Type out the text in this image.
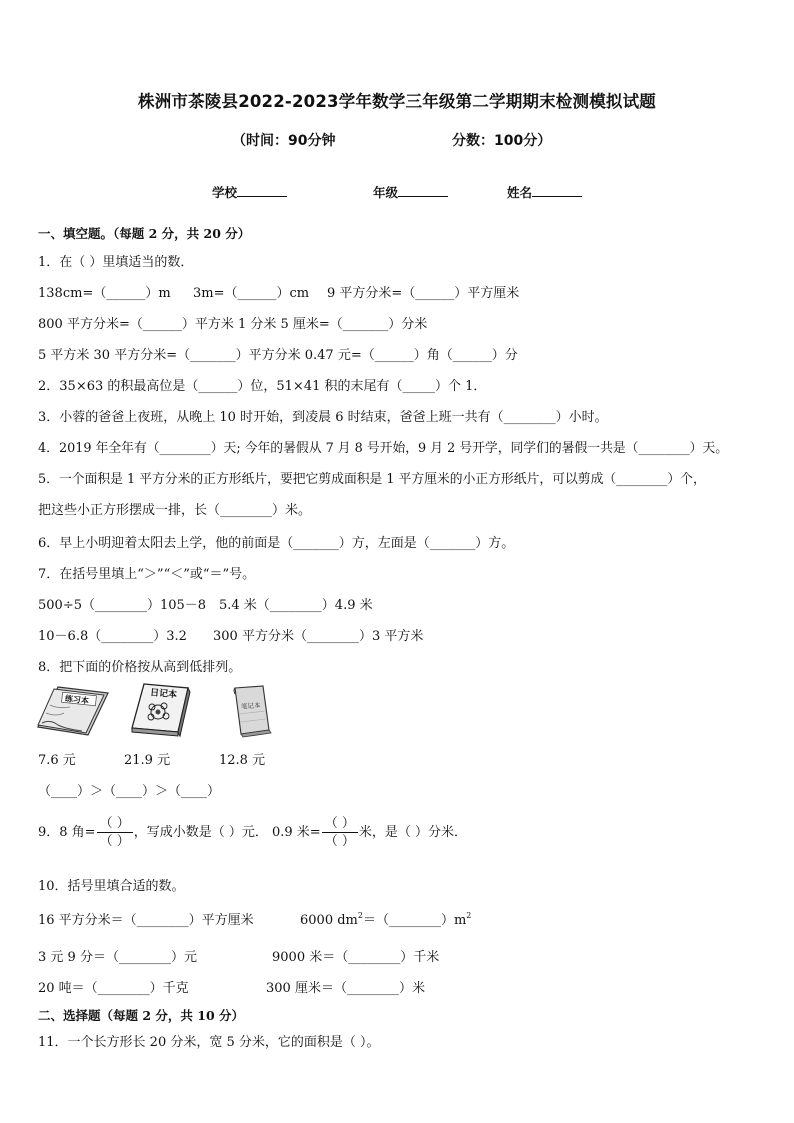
株洲市茶陵县2022-2023学年数学三年级第二学期期末检测模拟试题
（时间：90分钟	分数：100分）
学校	年级	姓名
一、填空题。（每题 2 分，共 20 分）
1．在（ ）里填适当的数．
138cm=（______）m 3m=（______）cm 9 平方分米=（______）平方厘米
800 平方分米=（______）平方米 1 分米 5 厘米=（_______）分米
5 平方米 30 平方分米=（_______）平方分米 0.47 元=（______）角（______）分
2．35×63 的积最高位是（______）位，51×41 积的末尾有（_____）个 1．
3．小蓉的爸爸上夜班，从晚上 10 时开始，到凌晨 6 时结束，爸爸上班一共有（________）小时。
4．2019 年全年有（________）天; 今年的暑假从 7 月 8 号开始，9 月 2 号开学，同学们的暑假一共是（________）天。
5．一个面积是 1 平方分米的正方形纸片，要把它剪成面积是 1 平方厘米的小正方形纸片，可以剪成（________）个，
把这些小正方形摆成一排，长（________）米。
6．早上小明迎着太阳去上学，他的前面是（_______）方，左面是（_______）方。
7．在括号里填上“＞”“＜”或“＝”号。
500÷5（________）105－8 5.4 米（________）4.9 米
10－6.8（________）3.2 300 平方分米（________）3 平方米
8．把下面的价格按从高到低排列。
练习本	日记本
笔记本
7.6 元	21.9 元	12.8 元
（____）＞（____）＞（____）
9．8 角= $\frac{( )}{( )}$ ，写成小数是（ ）元． 0.9 米= $\frac{( )}{( )}$ 米，是（ ）分米．
10．括号里填合适的数。
16 平方分米＝（________）平方厘米	6000 $dm^2=(\_\_\_\_\_\_\_\_)m^2$
3 元 9 分＝（________）元	9000 米＝（________）千米
20 吨＝（________）千克	300 厘米＝（________）米
二、选择题（每题 2 分，共 10 分）
11．一个长方形长 20 分米，宽 5 分米，它的面积是（ ）。
